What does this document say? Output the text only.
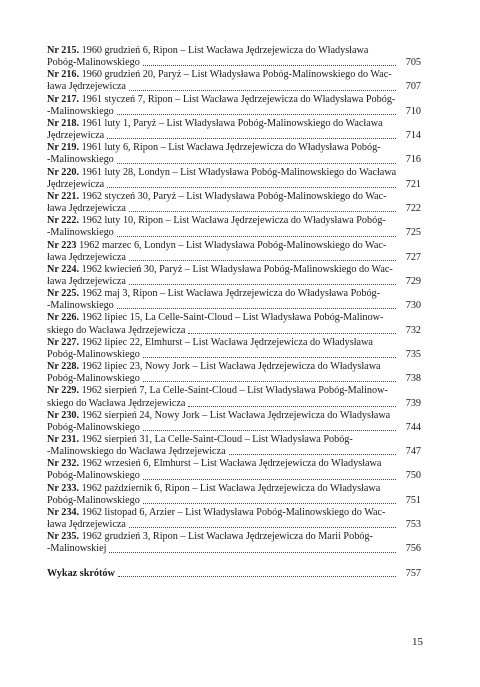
Nr 215. 1960 grudzień 6, Ripon – List Wacława Jędrzejewicza do Władysława
Pobóg-Malinowskiego	705
Nr 216. 1960 grudzień 20, Paryż – List Władysława Pobóg-Malinowskiego do Wac-
ława Jędrzejewicza	707
Nr 217. 1961 styczeń 7, Ripon – List Wacława Jędrzejewicza do Władysława Pobóg-
-Malinowskiego	710
Nr 218. 1961 luty 1, Paryż – List Władysława Pobóg-Malinowskiego do Wacława
Jędrzejewicza	714
Nr 219. 1961 luty 6, Ripon – List Wacława Jędrzejewicza do Władysława Pobóg-
-Malinowskiego	716
Nr 220. 1961 luty 28, Londyn – List Władysława Pobóg-Malinowskiego do Wacława
Jędrzejewicza	721
Nr 221. 1962 styczeń 30, Paryż – List Władysława Pobóg-Malinowskiego do Wac-
ława Jędrzejewicza	722
Nr 222. 1962 luty 10, Ripon – List Wacława Jędrzejewicza do Władysława Pobóg-
-Malinowskiego	725
Nr 223 1962 marzec 6, Londyn – List Władysława Pobóg-Malinowskiego do Wac-
ława Jędrzejewicza	727
Nr 224. 1962 kwiecień 30, Paryż – List Władysława Pobóg-Malinowskiego do Wac-
ława Jędrzejewicza	729
Nr 225. 1962 maj 3, Ripon – List Wacława Jędrzejewicza do Władysława Pobóg-
-Malinowskiego	730
Nr 226. 1962 lipiec 15, La Celle-Saint-Cloud – List Władysława Pobóg-Malinow-
skiego do Wacława Jędrzejewicza	732
Nr 227. 1962 lipiec 22, Elmhurst – List Wacława Jędrzejewicza do Władysława
Pobóg-Malinowskiego	735
Nr 228. 1962 lipiec 23, Nowy Jork – List Wacława Jędrzejewicza do Władysława
Pobóg-Malinowskiego	738
Nr 229. 1962 sierpień 7, La Celle-Saint-Cloud – List Władysława Pobóg-Malinow-
skiego do Wacława Jędrzejewicza	739
Nr 230. 1962 sierpień 24, Nowy Jork – List Wacława Jędrzejewicza do Władysława
Pobóg-Malinowskiego	744
Nr 231. 1962 sierpień 31, La Celle-Saint-Cloud – List Władysława Pobóg-
-Malinowskiego do Wacława Jędrzejewicza	747
Nr 232. 1962 wrzesień 6, Elmhurst – List Wacława Jędrzejewicza do Władysława
Pobóg-Malinowskiego	750
Nr 233. 1962 październik 6, Ripon – List Wacława Jędrzejewicza do Władysława
Pobóg-Malinowskiego	751
Nr 234. 1962 listopad 6, Arzier – List Władysława Pobóg-Malinowskiego do Wac-
ława Jędrzejewicza	753
Nr 235. 1962 grudzień 3, Ripon – List Wacława Jędrzejewicza do Marii Pobóg-
-Malinowskiej	756
Wykaz skrótów	757
15
